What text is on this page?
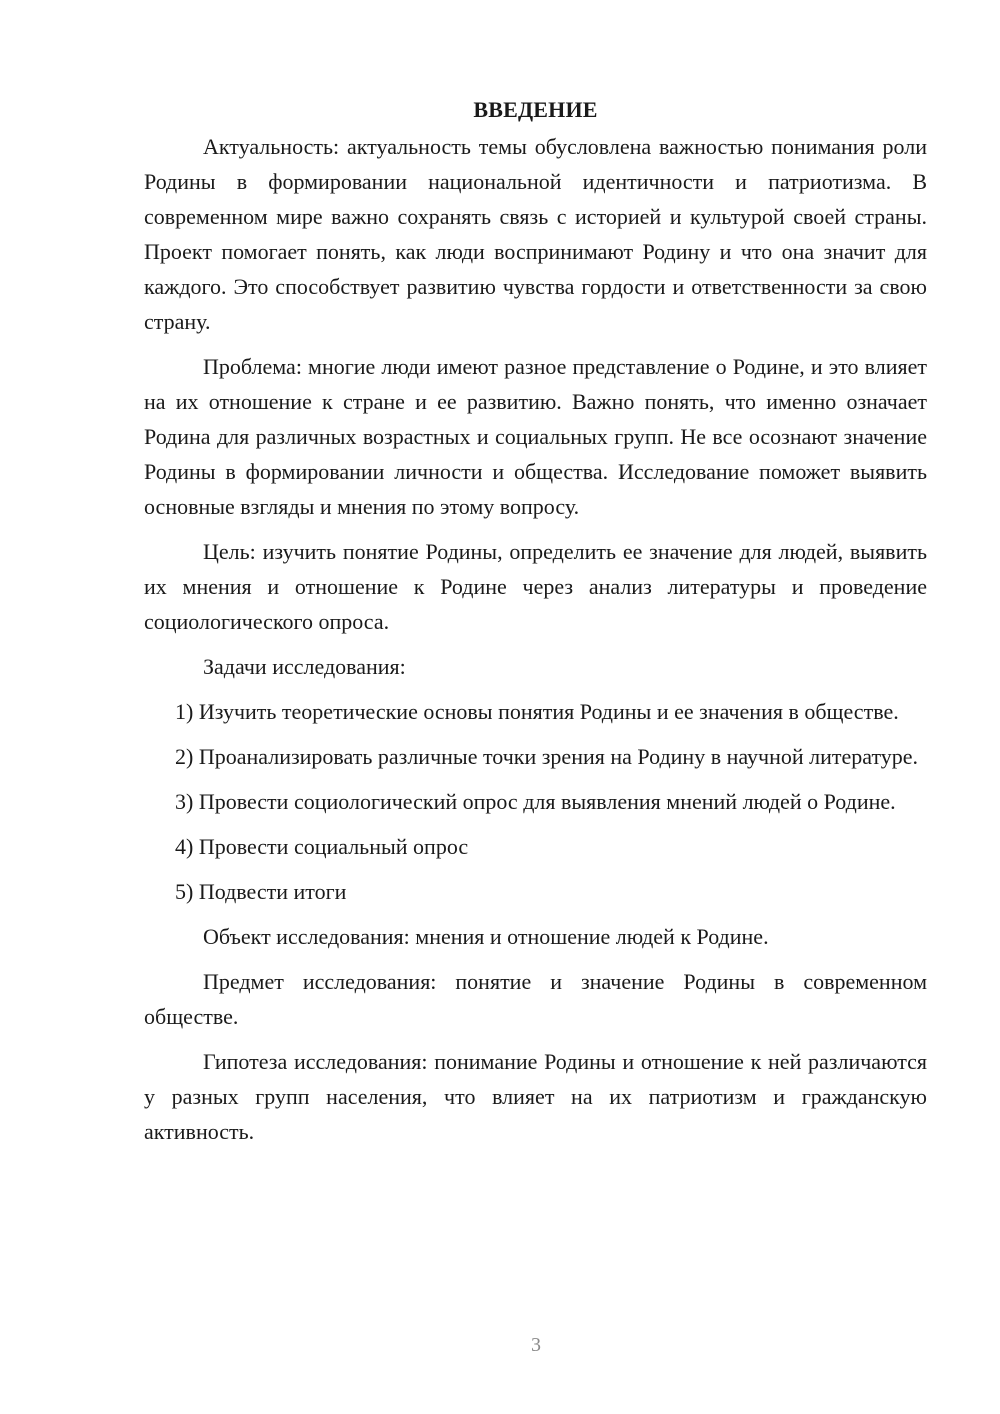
ВВЕДЕНИЕ

Актуальность: актуальность темы обусловлена важностью понимания роли Родины в формировании национальной идентичности и патриотизма. В современном мире важно сохранять связь с историей и культурой своей страны. Проект помогает понять, как люди воспринимают Родину и что она значит для каждого. Это способствует развитию чувства гордости и ответственности за свою страну.

Проблема: многие люди имеют разное представление о Родине, и это влияет на их отношение к стране и ее развитию. Важно понять, что именно означает Родина для различных возрастных и социальных групп. Не все осознают значение Родины в формировании личности и общества. Исследование поможет выявить основные взгляды и мнения по этому вопросу.

Цель: изучить понятие Родины, определить ее значение для людей, выявить их мнения и отношение к Родине через анализ литературы и проведение социологического опроса.

Задачи исследования:

1) Изучить теоретические основы понятия Родины и ее значения в обществе.

2) Проанализировать различные точки зрения на Родину в научной литературе.

3) Провести социологический опрос для выявления мнений людей о Родине.

4) Провести социальный опрос

5) Подвести итоги

Объект исследования: мнения и отношение людей к Родине.

Предмет исследования: понятие и значение Родины в современном обществе.

Гипотеза исследования: понимание Родины и отношение к ней различаются у разных групп населения, что влияет на их патриотизм и гражданскую активность.

3
